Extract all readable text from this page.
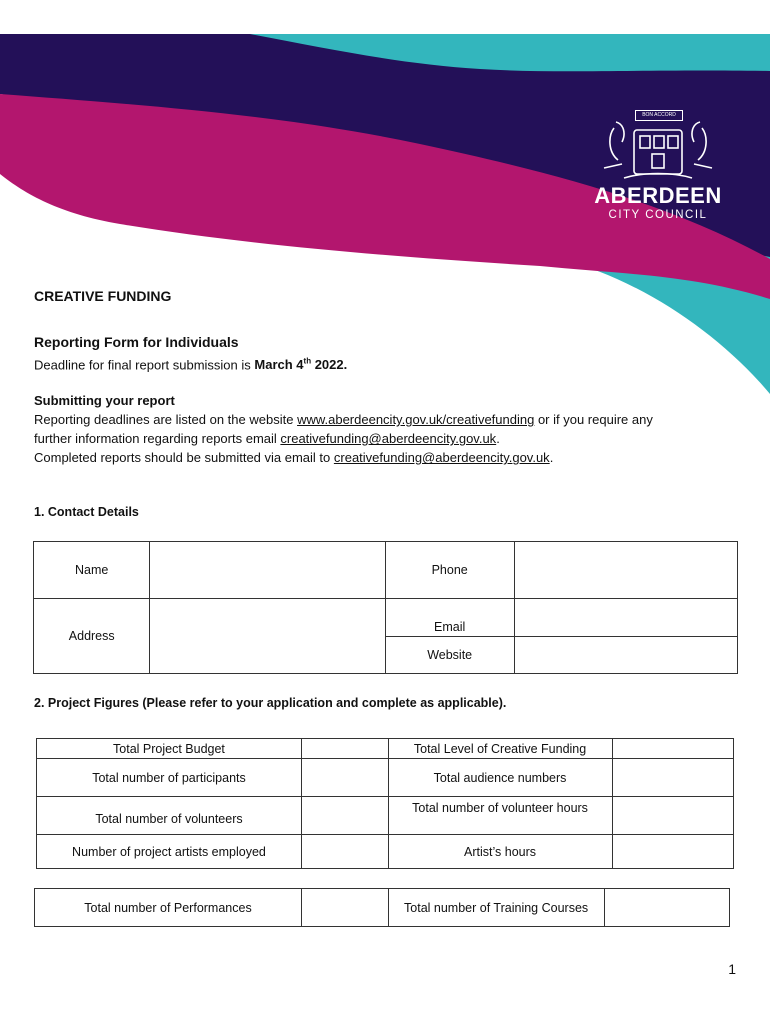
BON ACCORD
ABERDEEN
CITY COUNCIL
CREATIVE FUNDING
Reporting Form for Individuals

Deadline for final report submission is March 4th 2022.

Submitting your report

Reporting deadlines are listed on the website www.aberdeencity.gov.uk/creativefunding or if you require any

further information regarding reports email creativefunding@aberdeencity.gov.uk.

Completed reports should be submitted via email to creativefunding@aberdeencity.gov.uk.

1. Contact Details
Name		Phone	
Address		Email	
		Website	
2. Project Figures (Please refer to your application and complete as applicable).
Total Project Budget		Total Level of Creative Funding	
Total number of participants		Total audience numbers	
Total number of volunteers		Total number of volunteer hours	
Number of project artists employed		Artist’s hours	
Total number of Performances		Total number of Training Courses	
1
